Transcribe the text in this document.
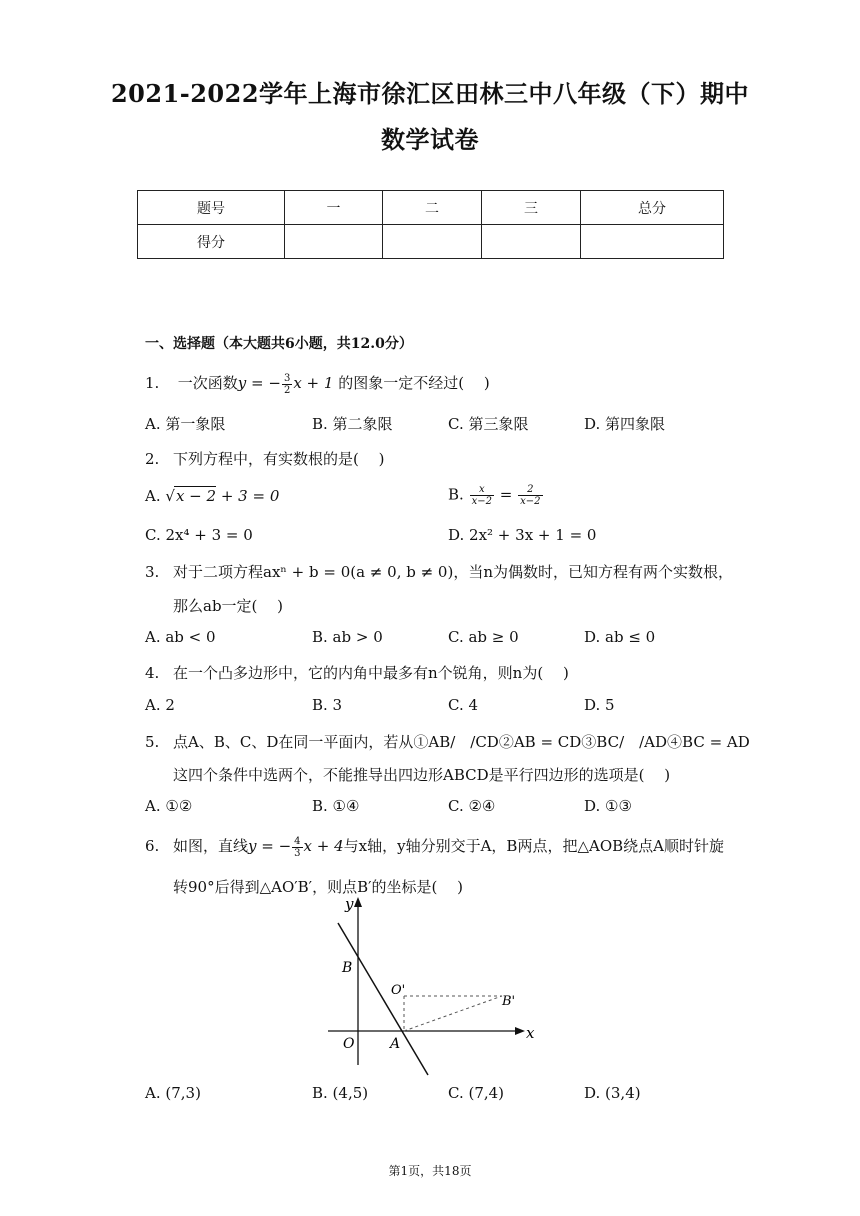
2021-2022学年上海市徐汇区田林三中八年级（下）期中
数学试卷
题号	一	二	三	总分
得分				
一、选择题（本大题共6小题，共12.0分）
1. 一次函数y = − $\frac{3}{2}$ x + 1 的图象一定不经过(　 )
A. 第一象限	B. 第二象限	C. 第三象限	D. 第四象限
2. 下列方程中，有实数根的是(　 )
A. √x − 2 + 3 = 0	B. $\frac{x}{x-2} = \frac{2}{x-2}$
C. 2x⁴ + 3 = 0	D. 2x² + 3x + 1 = 0
3. 对于二项方程axⁿ + b = 0(a ≠ 0, b ≠ 0)，当n为偶数时，已知方程有两个实数根，
那么ab一定(　 )
A. ab < 0	B. ab > 0	C. ab ≥ 0	D. ab ≤ 0
4. 在一个凸多边形中，它的内角中最多有n个锐角，则n为(　 )
A. 2	B. 3	C. 4	D. 5
5. 点A、B、C、D在同一平面内，若从①AB/　/CD②AB = CD③BC/　/AD④BC = AD
这四个条件中选两个，不能推导出四边形ABCD是平行四边形的选项是(　 )
A. ①②	B. ①④	C. ②④	D. ①③
6. 如图，直线y = − $\frac{4}{3}$ x + 4与x轴，y轴分别交于A，B两点，把△AOB绕点A顺时针旋
转90°后得到△AO′B′，则点B′的坐标是(　 )
y
x
B
O'
B'
O	A
A. (7,3)	B. (4,5)	C. (7,4)	D. (3,4)
第1页，共18页
